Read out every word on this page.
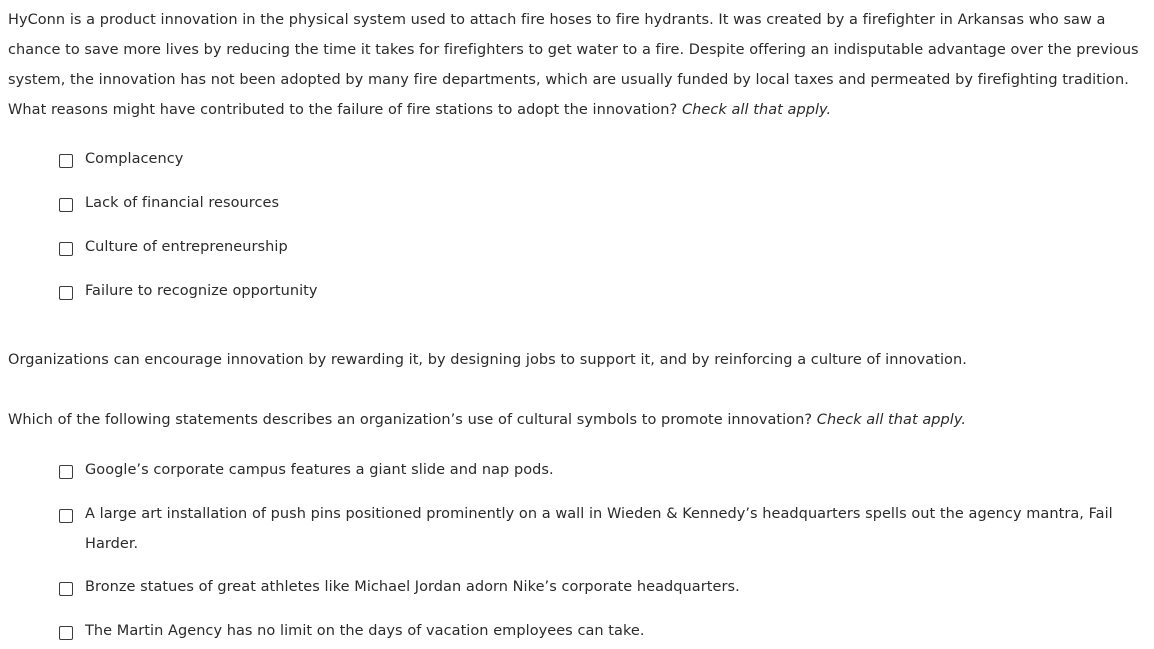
HyConn is a product innovation in the physical system used to attach fire hoses to fire hydrants. It was created by a firefighter in Arkansas who saw a chance to save more lives by reducing the time it takes for firefighters to get water to a fire. Despite offering an indisputable advantage over the previous system, the innovation has not been adopted by many fire departments, which are usually funded by local taxes and permeated by firefighting tradition. What reasons might have contributed to the failure of fire stations to adopt the innovation? Check all that apply.

Complacency
Lack of financial resources
Culture of entrepreneurship
Failure to recognize opportunity

Organizations can encourage innovation by rewarding it, by designing jobs to support it, and by reinforcing a culture of innovation.

Which of the following statements describes an organization’s use of cultural symbols to promote innovation? Check all that apply.

Google’s corporate campus features a giant slide and nap pods.
A large art installation of push pins positioned prominently on a wall in Wieden & Kennedy’s headquarters spells out the agency mantra, Fail Harder.
Bronze statues of great athletes like Michael Jordan adorn Nike’s corporate headquarters.
The Martin Agency has no limit on the days of vacation employees can take.
